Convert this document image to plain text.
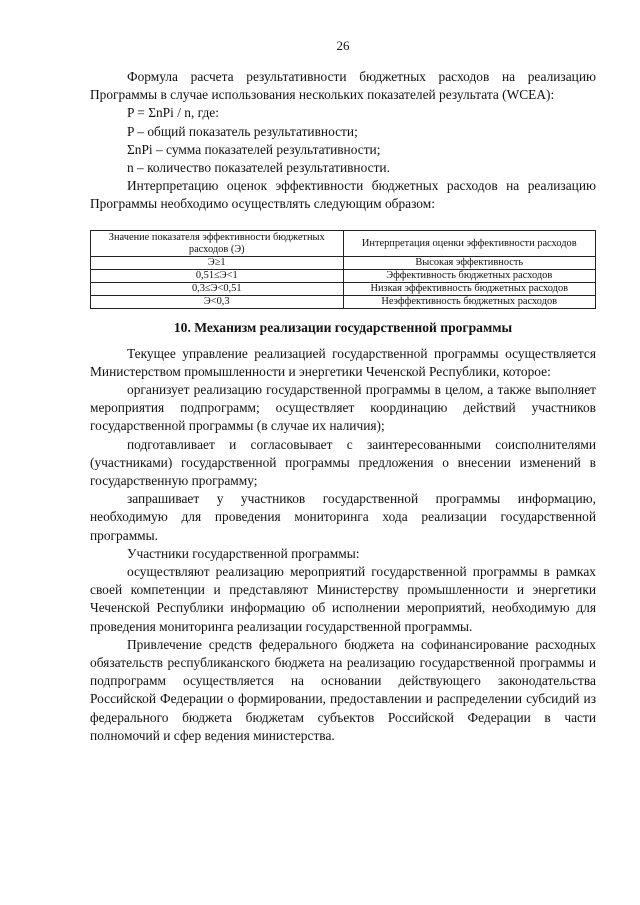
26

Формула расчета результативности бюджетных расходов на реализацию Программы в случае использования нескольких показателей результата (WCEA):

P = ΣnPi / n, где:

P – общий показатель результативности;

ΣnPi – сумма показателей результативности;

n – количество показателей результативности.

Интерпретацию оценок эффективности бюджетных расходов на реализацию Программы необходимо осуществлять следующим образом:

Значение показателя эффективности бюджетных расходов (Э)	Интерпретация оценки эффективности расходов
Э≥1	Высокая эффективность
0,51≤Э<1	Эффективность бюджетных расходов
0,3≤Э<0,51	Низкая эффективность бюджетных расходов
Э<0,3	Неэффективность бюджетных расходов
10. Механизм реализации государственной программы

Текущее управление реализацией государственной программы осуществляется Министерством промышленности и энергетики Чеченской Республики, которое:

организует реализацию государственной программы в целом, а также выполняет мероприятия подпрограмм; осуществляет координацию действий участников государственной программы (в случае их наличия);

подготавливает и согласовывает с заинтересованными соисполнителями (участниками) государственной программы предложения о внесении изменений в государственную программу;

запрашивает у участников государственной программы информацию, необходимую для проведения мониторинга хода реализации государственной программы.

Участники государственной программы:

осуществляют реализацию мероприятий государственной программы в рамках своей компетенции и представляют Министерству промышленности и энергетики Чеченской Республики информацию об исполнении мероприятий, необходимую для проведения мониторинга реализации государственной программы.

Привлечение средств федерального бюджета на софинансирование расходных обязательств республиканского бюджета на реализацию государственной программы и подпрограмм осуществляется на основании действующего законодательства Российской Федерации о формировании, предоставлении и распределении субсидий из федерального бюджета бюджетам субъектов Российской Федерации в части полномочий и сфер ведения министерства.
